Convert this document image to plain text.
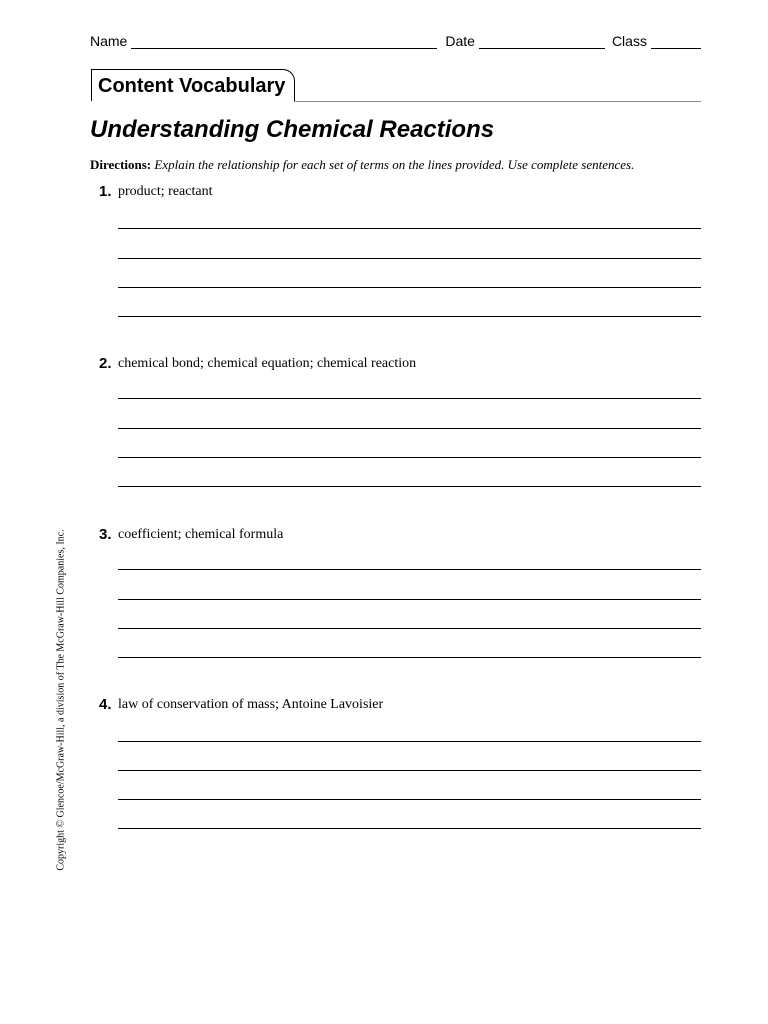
Name	Date	Class
Content Vocabulary
Understanding Chemical Reactions
Directions: Explain the relationship for each set of terms on the lines provided. Use complete sentences.
1. product; reactant
2. chemical bond; chemical equation; chemical reaction
3. coefficient; chemical formula
4. law of conservation of mass; Antoine Lavoisier
Copyright © Glencoe/McGraw-Hill, a division of The McGraw-Hill Companies, Inc.
